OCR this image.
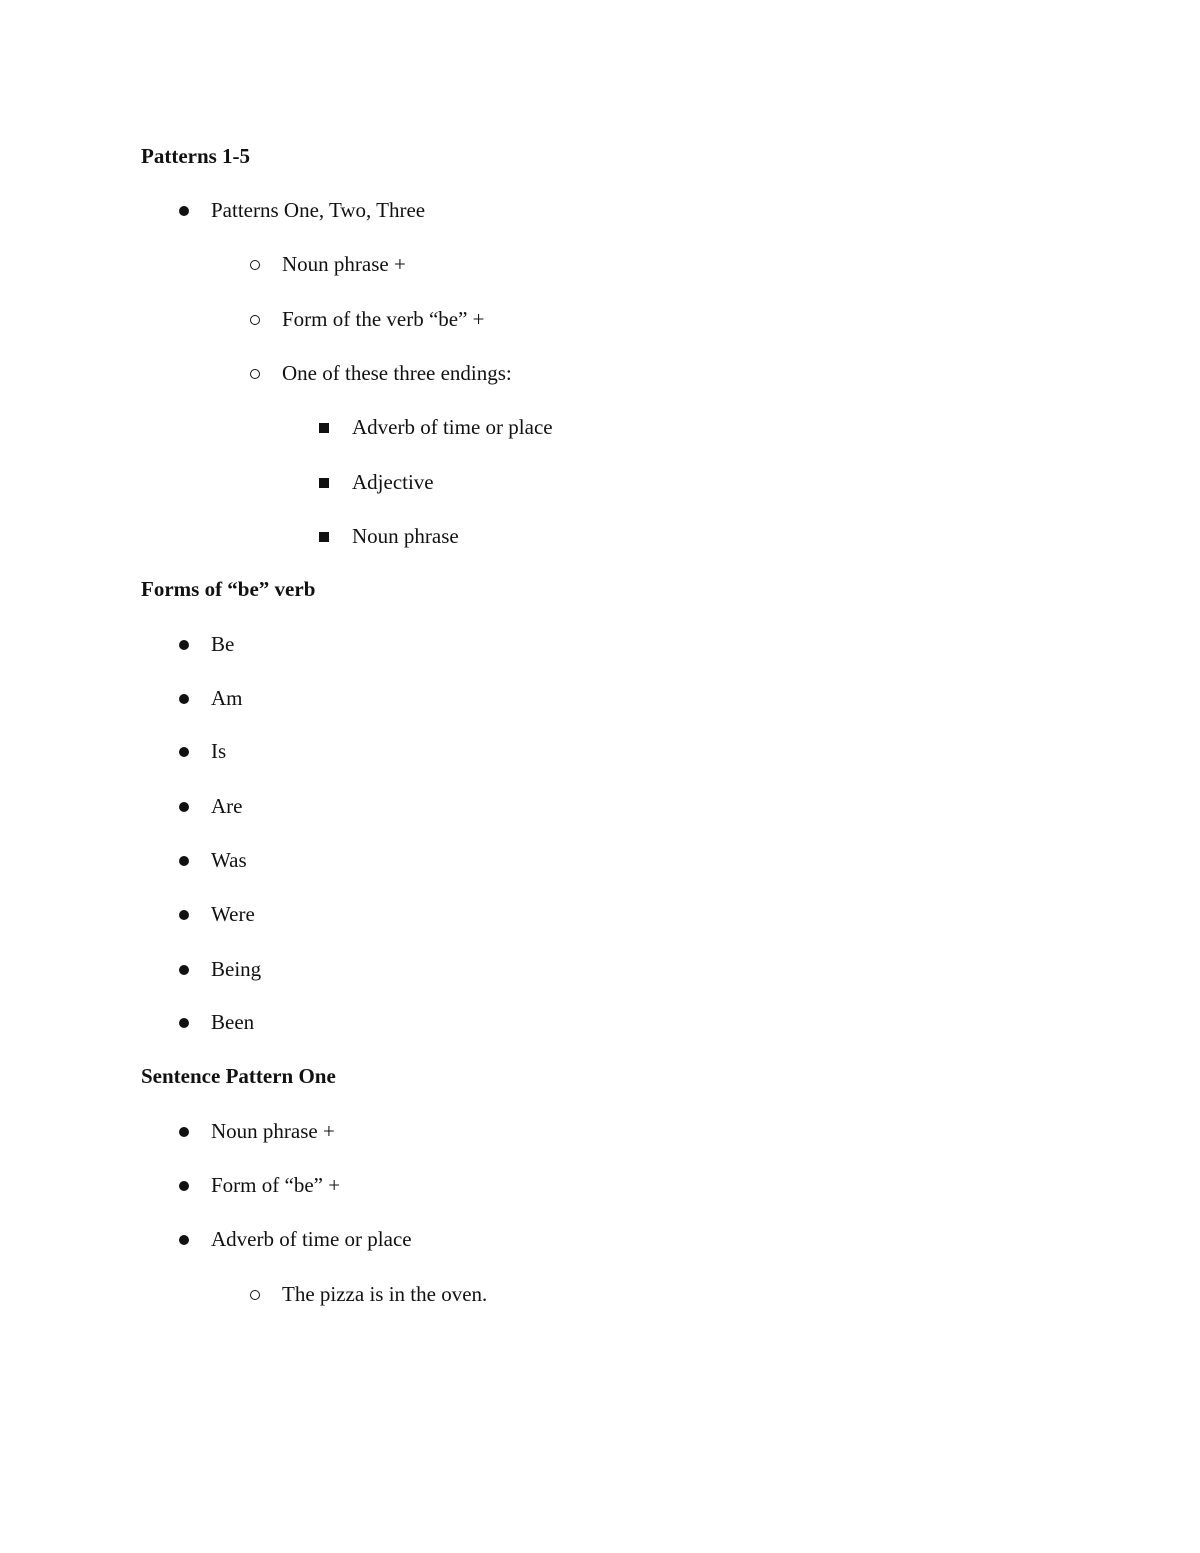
Patterns 1-5
Patterns One, Two, Three
Noun phrase +
Form of the verb “be” +
One of these three endings:
Adverb of time or place
Adjective
Noun phrase
Forms of “be” verb
Be
Am
Is
Are
Was
Were
Being
Been
Sentence Pattern One
Noun phrase +
Form of “be” +
Adverb of time or place
The pizza is in the oven.
